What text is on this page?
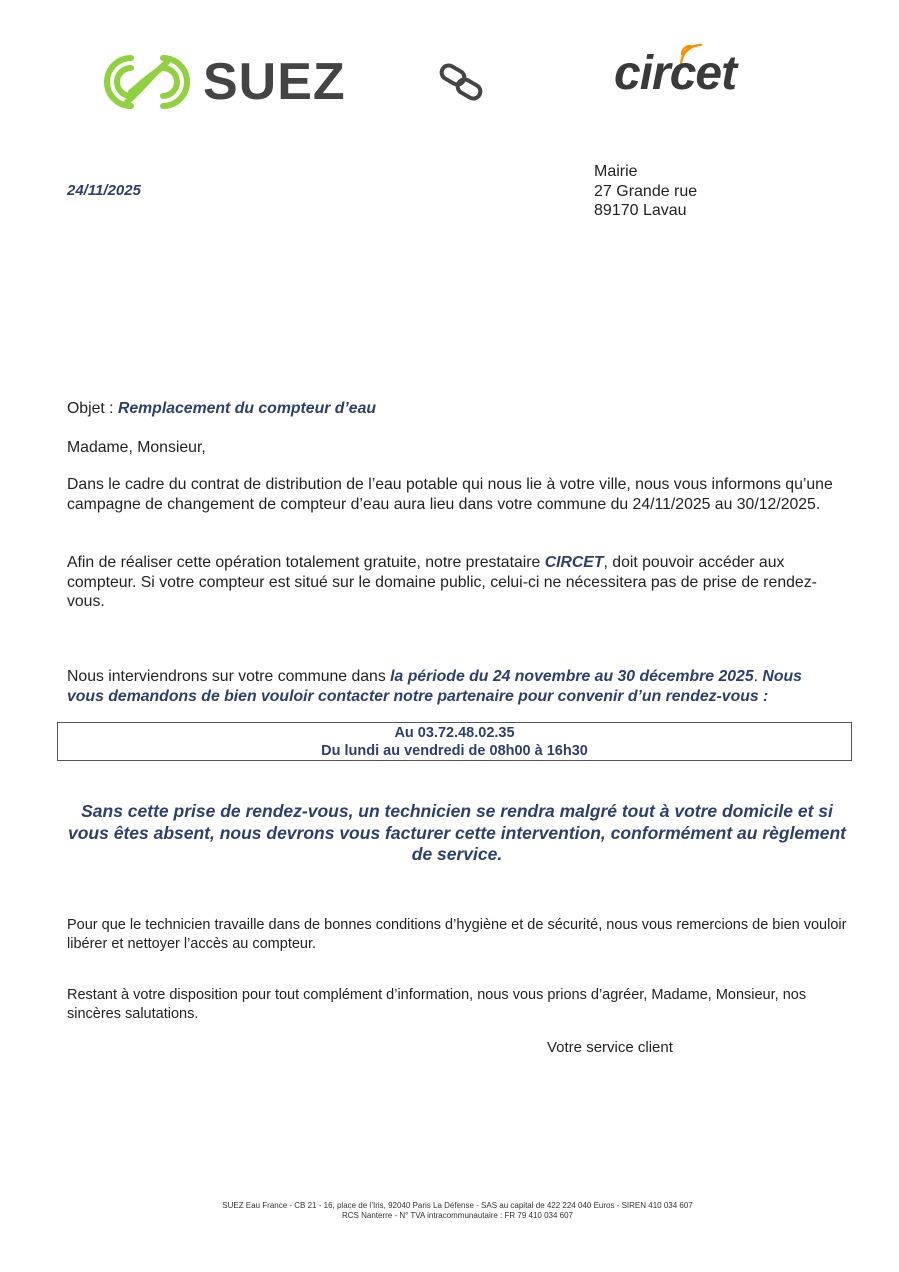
SUEZ	circet
24/11/2025
Mairie
27 Grande rue
89170 Lavau

Objet : Remplacement du compteur d’eau

Madame, Monsieur,

Dans le cadre du contrat de distribution de l’eau potable qui nous lie à votre ville, nous vous informons qu’une campagne de changement de compteur d’eau aura lieu dans votre commune du 24/11/2025 au 30/12/2025.

Afin de réaliser cette opération totalement gratuite, notre prestataire CIRCET, doit pouvoir accéder aux compteur. Si votre compteur est situé sur le domaine public, celui-ci ne nécessitera pas de prise de rendez-vous.

Nous interviendrons sur votre commune dans la période du 24 novembre au 30 décembre 2025. Nous vous demandons de bien vouloir contacter notre partenaire pour convenir d’un rendez-vous :

Au 03.72.48.02.35
Du lundi au vendredi de 08h00 à 16h30
Sans cette prise de rendez-vous, un technicien se rendra malgré tout à votre domicile et si vous êtes absent, nous devrons vous facturer cette intervention, conformément au règlement de service.

Pour que le technicien travaille dans de bonnes conditions d’hygiène et de sécurité, nous vous remercions de bien vouloir libérer et nettoyer l’accès au compteur.

Restant à votre disposition pour tout complément d’information, nous vous prions d’agréer, Madame, Monsieur, nos sincères salutations.

Votre service client
SUEZ Eau France - CB 21 - 16, place de l’Iris, 92040 Paris La Défense - SAS au capital de 422 224 040 Euros - SIREN 410 034 607
RCS Nanterre - N° TVA intracommunautaire : FR 79 410 034 607
